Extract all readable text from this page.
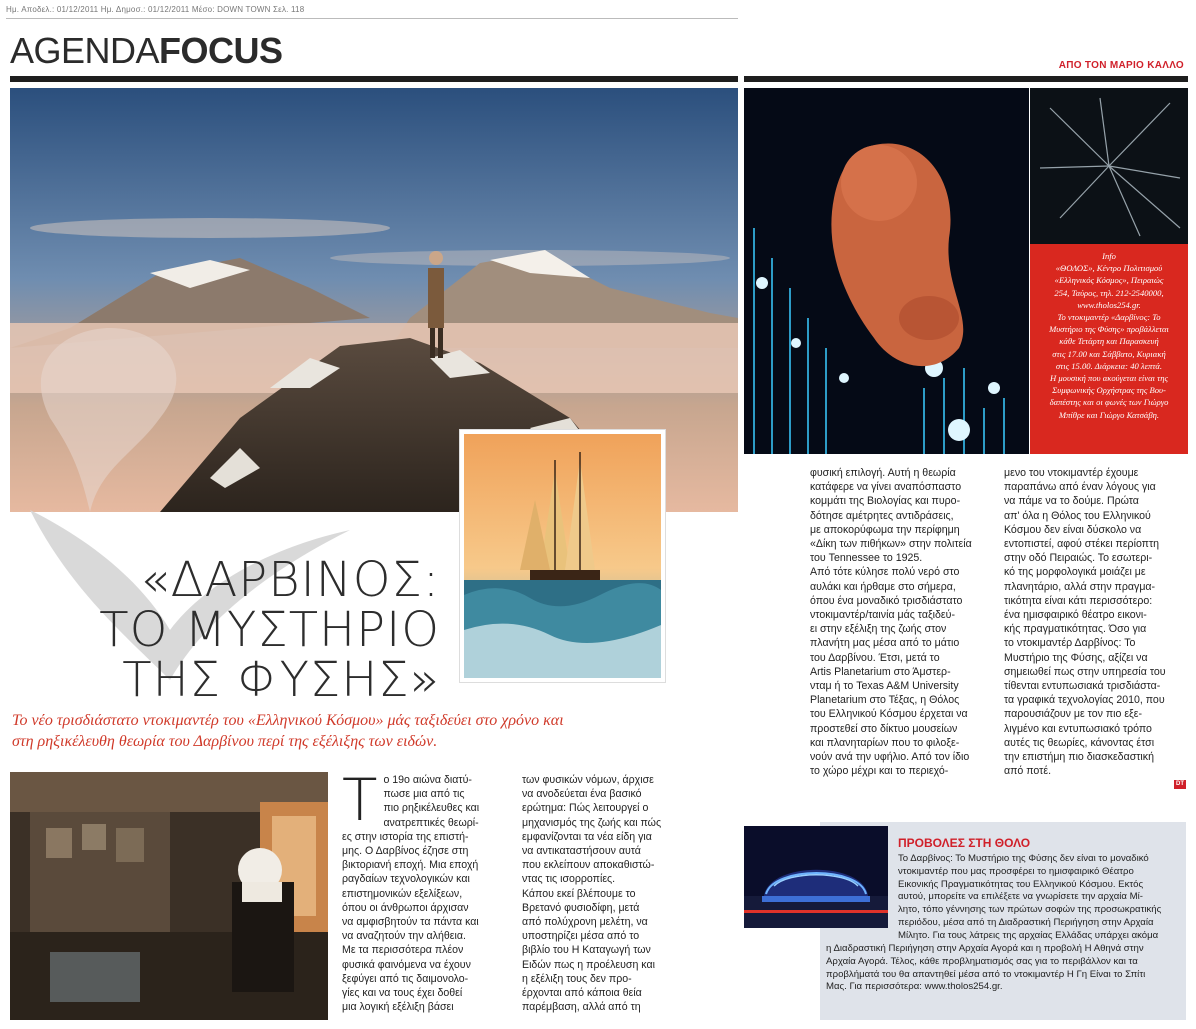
Ημ. Αποδελ.: 01/12/2011 Ημ. Δημοσ.: 01/12/2011 Μέσο: DOWN TOWN Σελ. 118
AGENDAFOCUS	ΑΠΟ ΤΟΝ ΜΑΡΙΟ ΚΑΛΛΟ
«ΔΑΡΒΙΝΟΣ:
ΤΟ ΜΥΣΤΗΡΙΟ
ΤΗΣ ΦΥΣΗΣ»
Το νέο τρισδιάστατο ντοκιμαντέρ του «Ελληνικού Κόσμου» μάς ταξιδεύει στο χρόνο και
στη ρηξικέλευθη θεωρία του Δαρβίνου περί της εξέλιξης των ειδών.
Τ ο 19ο αιώνα διατύ-
πωσε μια από τις
πιο ρηξικέλευθες και
ανατρεπτικές θεωρί-
ες στην ιστορία της επιστή-
μης. Ο Δαρβίνος έζησε στη
βικτοριανή εποχή. Μια εποχή
ραγδαίων τεχνολογικών και
επιστημονικών εξελίξεων,
όπου οι άνθρωποι άρχισαν
να αμφισβητούν τα πάντα και
να αναζητούν την αλήθεια.
Με τα περισσότερα πλέον
φυσικά φαινόμενα να έχουν
ξεφύγει από τις δαιμονολο-
γίες και να τους έχει δοθεί
μια λογική εξέλιξη βάσει
των φυσικών νόμων, άρχισε
να ανοδεύεται ένα βασικό
ερώτημα: Πώς λειτουργεί ο
μηχανισμός της ζωής και πώς
εμφανίζονται τα νέα είδη για
να αντικαταστήσουν αυτά
που εκλείπουν αποκαθιστώ-
ντας τις ισορροπίες.
Κάπου εκεί βλέπουμε το
Βρετανό φυσιοδίφη, μετά
από πολύχρονη μελέτη, να
υποστηρίζει μέσα από το
βιβλίο του Η Καταγωγή των
Ειδών πως η προέλευση και
η εξέλιξη τους δεν προ-
έρχονται από κάποια θεία
παρέμβαση, αλλά από τη
φυσική επιλογή. Αυτή η θεωρία
κατάφερε να γίνει αναπόσπαστο
κομμάτι της Βιολογίας και πυρο-
δότησε αμέτρητες αντιδράσεις,
με αποκορύφωμα την περίφημη
«Δίκη των πιθήκων» στην πολιτεία
του Tennessee το 1925.
Από τότε κύλησε πολύ νερό στο
αυλάκι και ήρθαμε στο σήμερα,
όπου ένα μοναδικό τρισδιάστατο
ντοκιμαντέρ/ταινία μάς ταξιδεύ-
ει στην εξέλιξη της ζωής στον
πλανήτη μας μέσα από το μάτιο
του Δαρβίνου. Έτσι, μετά το
Artis Planetarium στο Άμστερ-
νταμ ή το Texas A&M University
Planetarium στο Τέξας, η Θόλος
του Ελληνικού Κόσμου έρχεται να
προστεθεί στο δίκτυο μουσείων
και πλανηταρίων που το φιλοξε-
νούν ανά την υφήλιο. Από τον ίδιο
το χώρο μέχρι και το περιεχό-
μενο του ντοκιμαντέρ έχουμε
παραπάνω από έναν λόγους για
να πάμε να το δούμε. Πρώτα
απ' όλα η Θόλος του Ελληνικού
Κόσμου δεν είναι δύσκολο να
εντοπιστεί, αφού στέκει περίοπτη
στην οδό Πειραιώς. Το εσωτερι-
κό της μορφολογικά μοιάζει με
πλανητάριο, αλλά στην πραγμα-
τικότητα είναι κάτι περισσότερο:
ένα ημισφαιρικό θέατρο εικονι-
κής πραγματικότητας. Όσο για
το ντοκιμαντέρ Δαρβίνος: Το
Μυστήριο της Φύσης, αξίζει να
σημειωθεί πως στην υπηρεσία του
τίθενται εντυπωσιακά τρισδιάστα-
τα γραφικά τεχνολογίας 2010, που
παρουσιάζουν με τον πιο εξε-
λιγμένο και εντυπωσιακό τρόπο
αυτές τις θεωρίες, κάνοντας έτσι
την επιστήμη πιο διασκεδαστική
από ποτέ.
DT
Info
«ΘΟΛΟΣ», Κέντρο Πολιτισμού
«Ελληνικός Κόσμος», Πειραιώς
254, Ταύρος, τηλ. 212-2540000,
www.tholos254.gr.
Το ντοκιμαντέρ «Δαρβίνος: Το
Μυστήριο της Φύσης» προβάλλεται
κάθε Τετάρτη και Παρασκευή
στις 17.00 και Σάββατο, Κυριακή
στις 15.00. Διάρκεια: 40 λεπτά.
Η μουσική που ακούγεται είναι της
Συμφωνικής Ορχήστρας της Βου-
δαπέστης και οι φωνές των Γιώργο
Μπίθρε και Γιώργο Κατσάβη.
ΠΡΟΒΟΛΕΣ ΣΤΗ ΘΟΛΟ
Το Δαρβίνος: Το Μυστήριο της Φύσης δεν είναι το μοναδικό
ντοκιμαντέρ που μας προσφέρει το ημισφαιρικό Θέατρο
Εικονικής Πραγματικότητας του Ελληνικού Κόσμου. Εκτός
αυτού, μπορείτε να επιλέξετε να γνωρίσετε την αρχαία Μί-
λητο, τόπο γέννησης των πρώτων σοφών της προσωκρατικής
περιόδου, μέσα από τη Διαδραστική Περιήγηση στην Αρχαία
Μίλητο. Για τους λάτρεις της αρχαίας Ελλάδας υπάρχει ακόμα
η Διαδραστική Περιήγηση στην Αρχαία Αγορά και η προβολή Η Αθηνά στην
Αρχαία Αγορά. Τέλος, κάθε προβληματισμός σας για το περιβάλλον και τα
προβλήματά του θα απαντηθεί μέσα από το ντοκιμαντέρ Η Γη Είναι το Σπίτι
Μας. Για περισσότερα: www.tholos254.gr.
